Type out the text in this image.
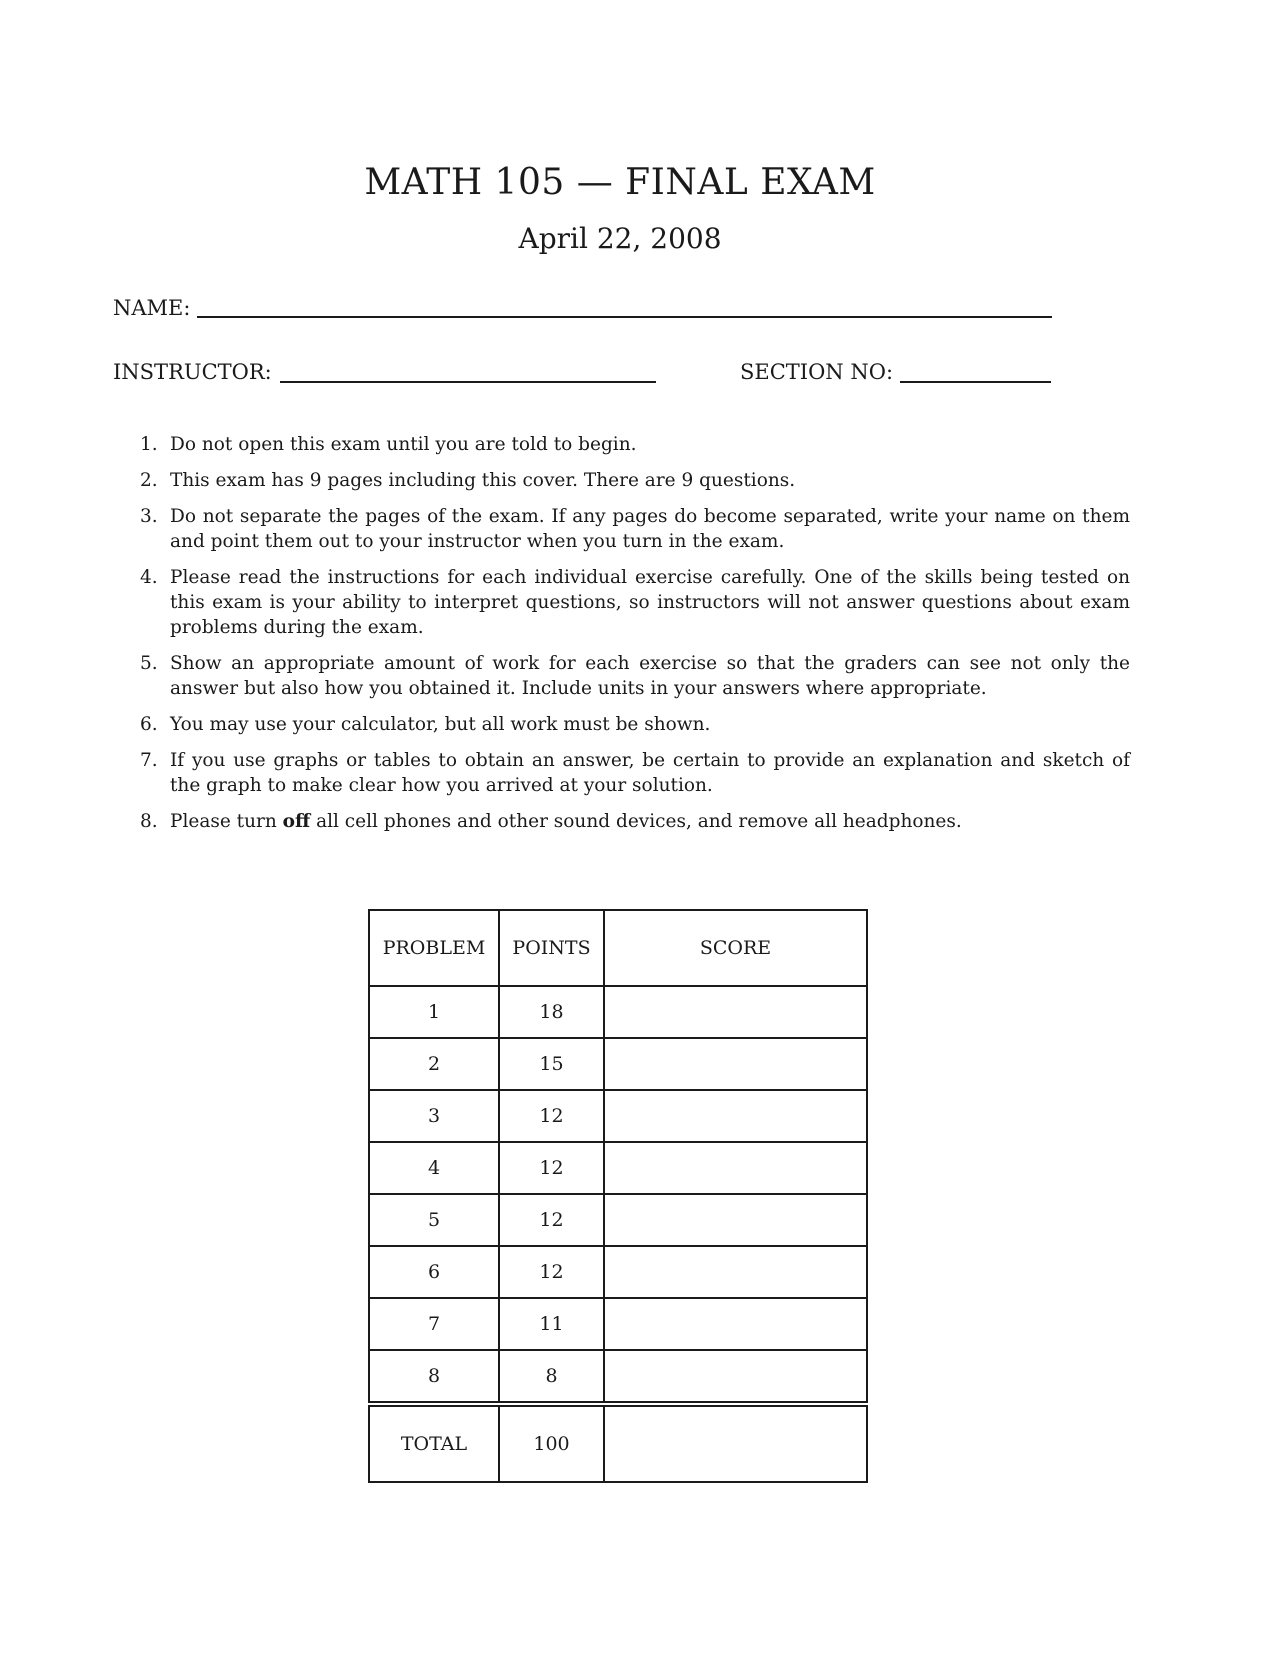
MATH 105 — FINAL EXAM
April 22, 2008
NAME:
INSTRUCTOR:	SECTION NO:
1. Do not open this exam until you are told to begin.
2. This exam has 9 pages including this cover. There are 9 questions.
3. Do not separate the pages of the exam. If any pages do become separated, write your name on them and point them out to your instructor when you turn in the exam.
4. Please read the instructions for each individual exercise carefully. One of the skills being tested on this exam is your ability to interpret questions, so instructors will not answer questions about exam problems during the exam.
5. Show an appropriate amount of work for each exercise so that the graders can see not only the answer but also how you obtained it. Include units in your answers where appropriate.
6. You may use your calculator, but all work must be shown.
7. If you use graphs or tables to obtain an answer, be certain to provide an explanation and sketch of the graph to make clear how you arrived at your solution.
8. Please turn off all cell phones and other sound devices, and remove all headphones.
PROBLEM	POINTS	SCORE
1	18	
2	15	
3	12	
4	12	
5	12	
6	12	
7	11	
8	8	
TOTAL	100	
